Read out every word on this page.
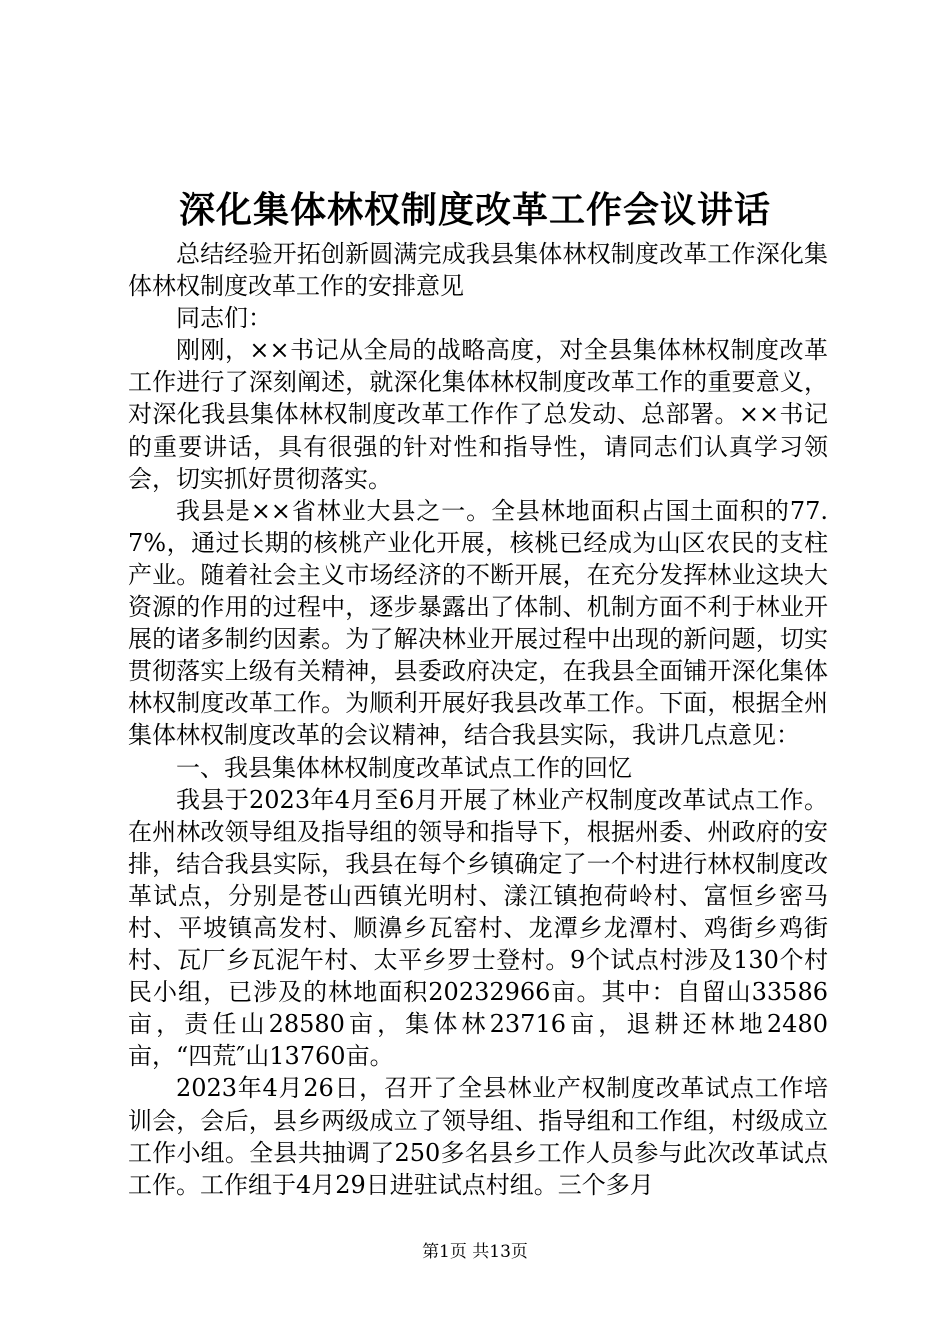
深化集体林权制度改革工作会议讲话

总结经验开拓创新圆满完成我县集体林权制度改革工作深化集体林权制度改革工作的安排意见

同志们：

刚刚，××书记从全局的战略高度，对全县集体林权制度改革工作进行了深刻阐述，就深化集体林权制度改革工作的重要意义，对深化我县集体林权制度改革工作作了总发动、总部署。××书记的重要讲话，具有很强的针对性和指导性，请同志们认真学习领会，切实抓好贯彻落实。

我县是××省林业大县之一。全县林地面积占国土面积的77.7%，通过长期的核桃产业化开展，核桃已经成为山区农民的支柱产业。随着社会主义市场经济的不断开展，在充分发挥林业这块大资源的作用的过程中，逐步暴露出了体制、机制方面不利于林业开展的诸多制约因素。为了解决林业开展过程中出现的新问题，切实贯彻落实上级有关精神，县委政府决定，在我县全面铺开深化集体林权制度改革工作。为顺利开展好我县改革工作。下面，根据全州集体林权制度改革的会议精神，结合我县实际，我讲几点意见：

一、我县集体林权制度改革试点工作的回忆

我县于2023年4月至6月开展了林业产权制度改革试点工作。在州林改领导组及指导组的领导和指导下，根据州委、州政府的安排，结合我县实际，我县在每个乡镇确定了一个村进行林权制度改革试点，分别是苍山西镇光明村、漾江镇抱荷岭村、富恒乡密马村、平坡镇高发村、顺濞乡瓦窑村、龙潭乡龙潭村、鸡街乡鸡街村、瓦厂乡瓦泥午村、太平乡罗士登村。9个试点村涉及130个村民小组，已涉及的林地面积20232966亩。其中：自留山33586亩，责任山28580亩，集体林23716亩，退耕还林地2480亩，“四荒″山13760亩。

2023年4月26日，召开了全县林业产权制度改革试点工作培训会，会后，县乡两级成立了领导组、指导组和工作组，村级成立工作小组。全县共抽调了250多名县乡工作人员参与此次改革试点工作。工作组于4月29日进驻试点村组。三个多月

第1页 共13页
